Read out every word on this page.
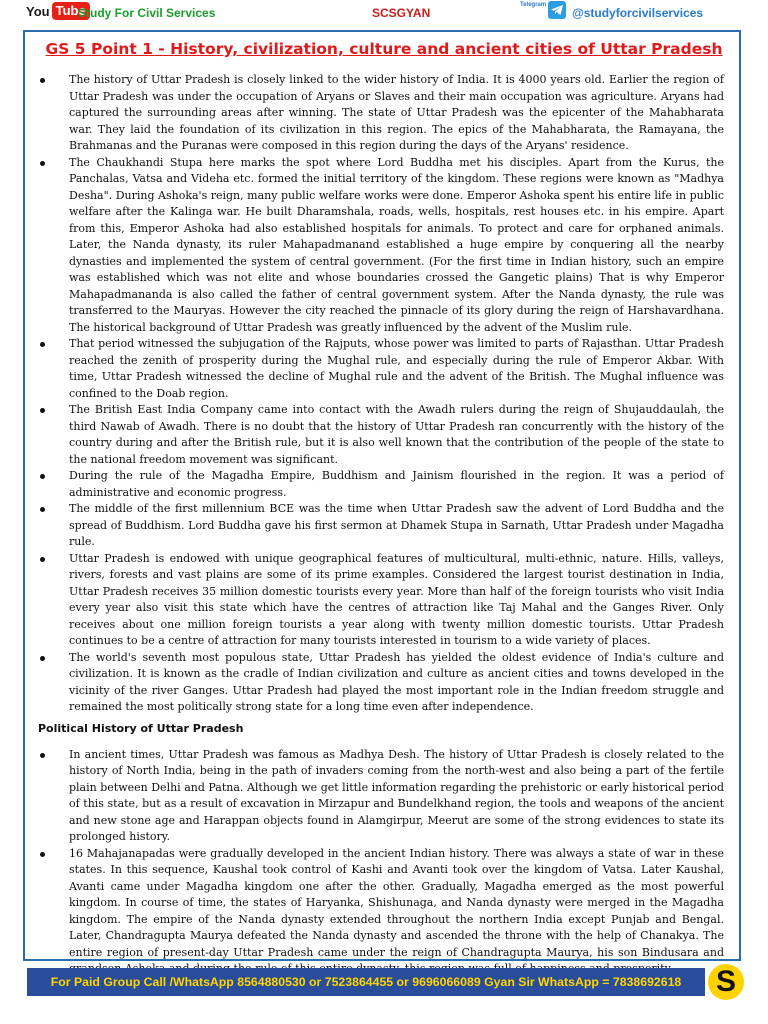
You Tube
Study For Civil Services	SCSGYAN
Telegram
@studyforcivilservices
GS 5 Point 1 - History, civilization, culture and ancient cities of Uttar Pradesh
The history of Uttar Pradesh is closely linked to the wider history of India. It is 4000 years old. Earlier the region of Uttar Pradesh was under the occupation of Aryans or Slaves and their main occupation was agriculture. Aryans had captured the surrounding areas after winning. The state of Uttar Pradesh was the epicenter of the Mahabharata war. They laid the foundation of its civilization in this region. The epics of the Mahabharata, the Ramayana, the Brahmanas and the Puranas were composed in this region during the days of the Aryans' residence.
The Chaukhandi Stupa here marks the spot where Lord Buddha met his disciples. Apart from the Kurus, the Panchalas, Vatsa and Videha etc. formed the initial territory of the kingdom. These regions were known as "Madhya Desha". During Ashoka's reign, many public welfare works were done. Emperor Ashoka spent his entire life in public welfare after the Kalinga war. He built Dharamshala, roads, wells, hospitals, rest houses etc. in his empire. Apart from this, Emperor Ashoka had also established hospitals for animals. To protect and care for orphaned animals. Later, the Nanda dynasty, its ruler Mahapadmanand established a huge empire by conquering all the nearby dynasties and implemented the system of central government. (For the first time in Indian history, such an empire was established which was not elite and whose boundaries crossed the Gangetic plains) That is why Emperor Mahapadmananda is also called the father of central government system. After the Nanda dynasty, the rule was transferred to the Mauryas. However the city reached the pinnacle of its glory during the reign of Harshavardhana. The historical background of Uttar Pradesh was greatly influenced by the advent of the Muslim rule.
That period witnessed the subjugation of the Rajputs, whose power was limited to parts of Rajasthan. Uttar Pradesh reached the zenith of prosperity during the Mughal rule, and especially during the rule of Emperor Akbar. With time, Uttar Pradesh witnessed the decline of Mughal rule and the advent of the British. The Mughal influence was confined to the Doab region.
The British East India Company came into contact with the Awadh rulers during the reign of Shujauddaulah, the third Nawab of Awadh. There is no doubt that the history of Uttar Pradesh ran concurrently with the history of the country during and after the British rule, but it is also well known that the contribution of the people of the state to the national freedom movement was significant.
During the rule of the Magadha Empire, Buddhism and Jainism flourished in the region. It was a period of administrative and economic progress.
The middle of the first millennium BCE was the time when Uttar Pradesh saw the advent of Lord Buddha and the spread of Buddhism. Lord Buddha gave his first sermon at Dhamek Stupa in Sarnath, Uttar Pradesh under Magadha rule.
Uttar Pradesh is endowed with unique geographical features of multicultural, multi-ethnic, nature. Hills, valleys, rivers, forests and vast plains are some of its prime examples. Considered the largest tourist destination in India, Uttar Pradesh receives 35 million domestic tourists every year. More than half of the foreign tourists who visit India every year also visit this state which have the centres of attraction like Taj Mahal and the Ganges River. Only receives about one million foreign tourists a year along with twenty million domestic tourists. Uttar Pradesh continues to be a centre of attraction for many tourists interested in tourism to a wide variety of places.
The world's seventh most populous state, Uttar Pradesh has yielded the oldest evidence of India's culture and civilization. It is known as the cradle of Indian civilization and culture as ancient cities and towns developed in the vicinity of the river Ganges. Uttar Pradesh had played the most important role in the Indian freedom struggle and remained the most politically strong state for a long time even after independence.
Political History of Uttar Pradesh
In ancient times, Uttar Pradesh was famous as Madhya Desh. The history of Uttar Pradesh is closely related to the history of North India, being in the path of invaders coming from the north-west and also being a part of the fertile plain between Delhi and Patna. Although we get little information regarding the prehistoric or early historical period of this state, but as a result of excavation in Mirzapur and Bundelkhand region, the tools and weapons of the ancient and new stone age and Harappan objects found in Alamgirpur, Meerut are some of the strong evidences to state its prolonged history.
16 Mahajanapadas were gradually developed in the ancient Indian history. There was always a state of war in these states. In this sequence, Kaushal took control of Kashi and Avanti took over the kingdom of Vatsa. Later Kaushal, Avanti came under Magadha kingdom one after the other. Gradually, Magadha emerged as the most powerful kingdom. In course of time, the states of Haryanka, Shishunaga, and Nanda dynasty were merged in the Magadha kingdom. The empire of the Nanda dynasty extended throughout the northern India except Punjab and Bengal. Later, Chandragupta Maurya defeated the Nanda dynasty and ascended the throne with the help of Chanakya. The entire region of present-day Uttar Pradesh came under the reign of Chandragupta Maurya, his son Bindusara and
For Paid Group Call /WhatsApp 8564880530 or 7523864455 or 9696066089 Gyan Sir WhatsApp = 7838692618	S
